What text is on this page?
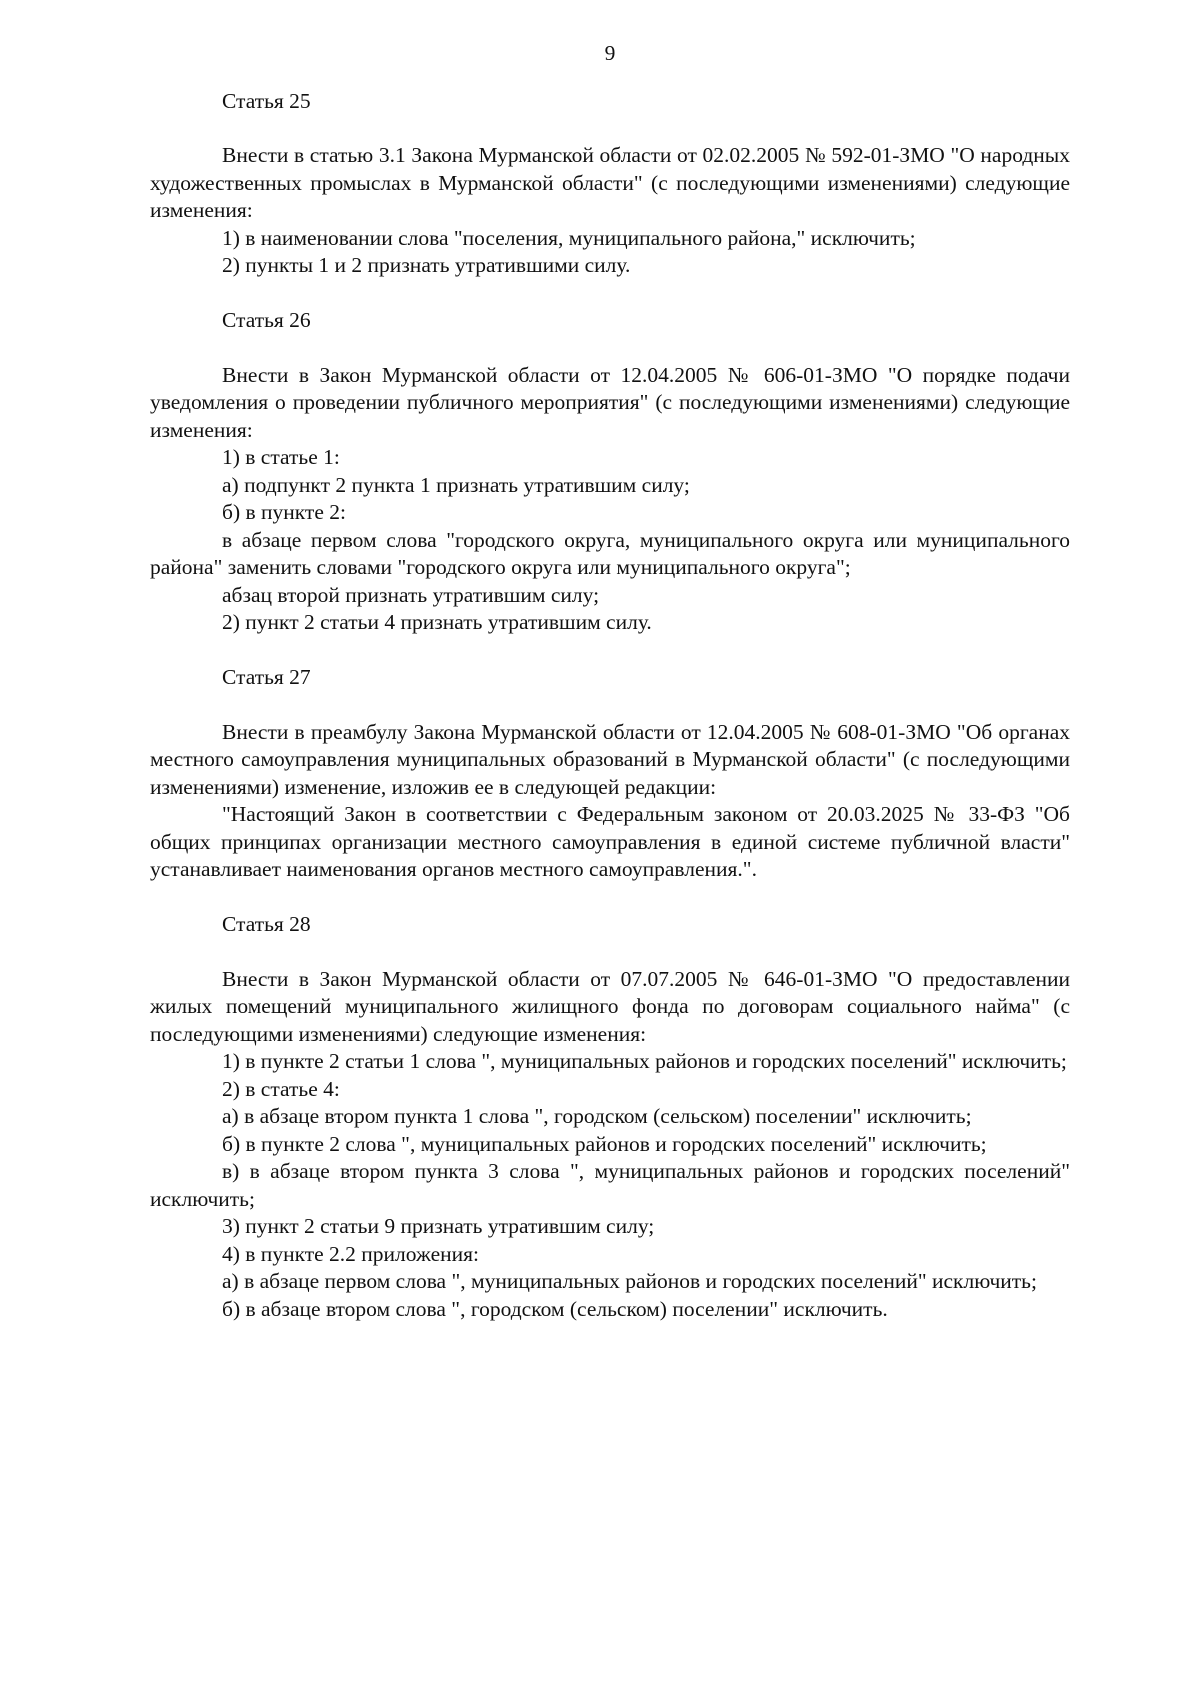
9

Статья 25

Внести в статью 3.1 Закона Мурманской области от 02.02.2005 № 592-01-ЗМО "О народных художественных промыслах в Мурманской области" (с последующими изменениями) следующие изменения:

1) в наименовании слова "поселения, муниципального района," исключить;

2) пункты 1 и 2 признать утратившими силу.

Статья 26

Внести в Закон Мурманской области от 12.04.2005 № 606-01-ЗМО "О порядке подачи уведомления о проведении публичного мероприятия" (с последующими изменениями) следующие изменения:

1) в статье 1:

а) подпункт 2 пункта 1 признать утратившим силу;

б) в пункте 2:

в абзаце первом слова "городского округа, муниципального округа или муниципального района" заменить словами "городского округа или муниципального округа";

абзац второй признать утратившим силу;

2) пункт 2 статьи 4 признать утратившим силу.

Статья 27

Внести в преамбулу Закона Мурманской области от 12.04.2005 № 608-01-ЗМО "Об органах местного самоуправления муниципальных образований в Мурманской области" (с последующими изменениями) изменение, изложив ее в следующей редакции:

"Настоящий Закон в соответствии с Федеральным законом от 20.03.2025 № 33-ФЗ "Об общих принципах организации местного самоуправления в единой системе публичной власти" устанавливает наименования органов местного самоуправления.".

Статья 28

Внести в Закон Мурманской области от 07.07.2005 № 646-01-ЗМО "О предоставлении жилых помещений муниципального жилищного фонда по договорам социального найма" (с последующими изменениями) следующие изменения:

1) в пункте 2 статьи 1 слова ", муниципальных районов и городских поселений" исключить;

2) в статье 4:

а) в абзаце втором пункта 1 слова ", городском (сельском) поселении" исключить;

б) в пункте 2 слова ", муниципальных районов и городских поселений" исключить;

в) в абзаце втором пункта 3 слова ", муниципальных районов и городских поселений" исключить;

3) пункт 2 статьи 9 признать утратившим силу;

4) в пункте 2.2 приложения:

а) в абзаце первом слова ", муниципальных районов и городских поселений" исключить;

б) в абзаце втором слова ", городском (сельском) поселении" исключить.
